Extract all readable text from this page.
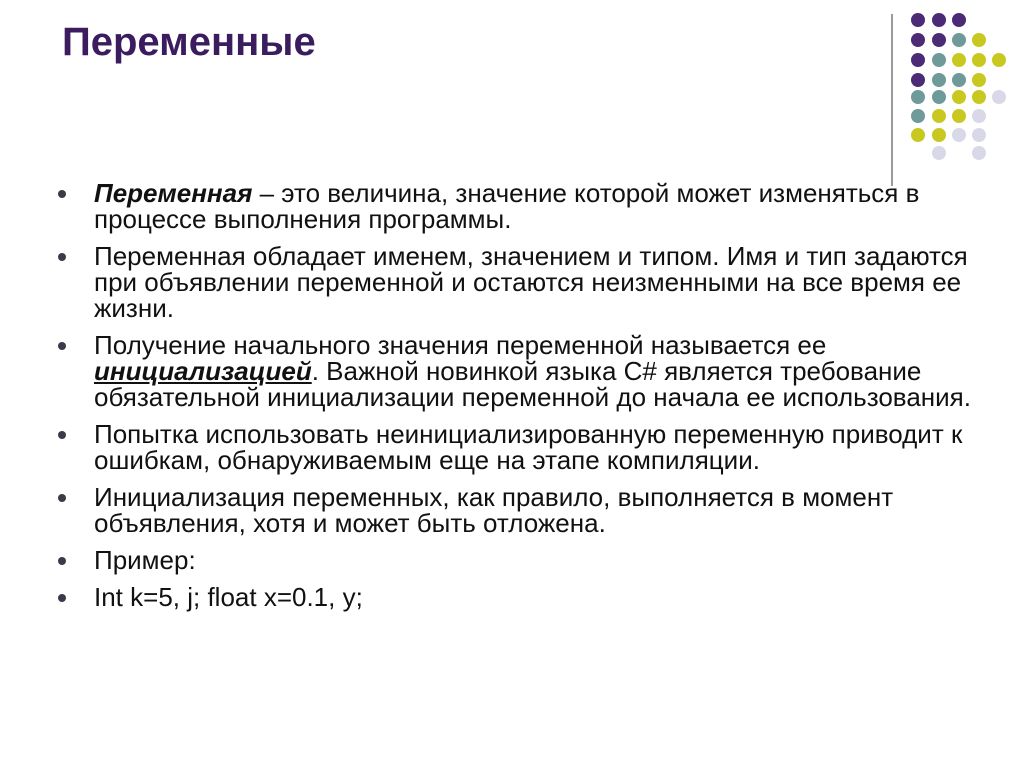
Переменные
Переменная – это величина, значение которой может изменяться в процессе выполнения программы.
Переменная обладает именем, значением и типом. Имя и тип задаются при объявлении переменной и остаются неизменными на все время ее жизни.
Получение начального значения переменной называется ее инициализацией. Важной новинкой языка C# является требование обязательной инициализации переменной до начала ее использования.
Попытка использовать неинициализированную переменную приводит к ошибкам, обнаруживаемым еще на этапе компиляции.
Инициализация переменных, как правило, выполняется в момент объявления, хотя и может быть отложена.
Пример:
Int k=5, j; float x=0.1, y;
